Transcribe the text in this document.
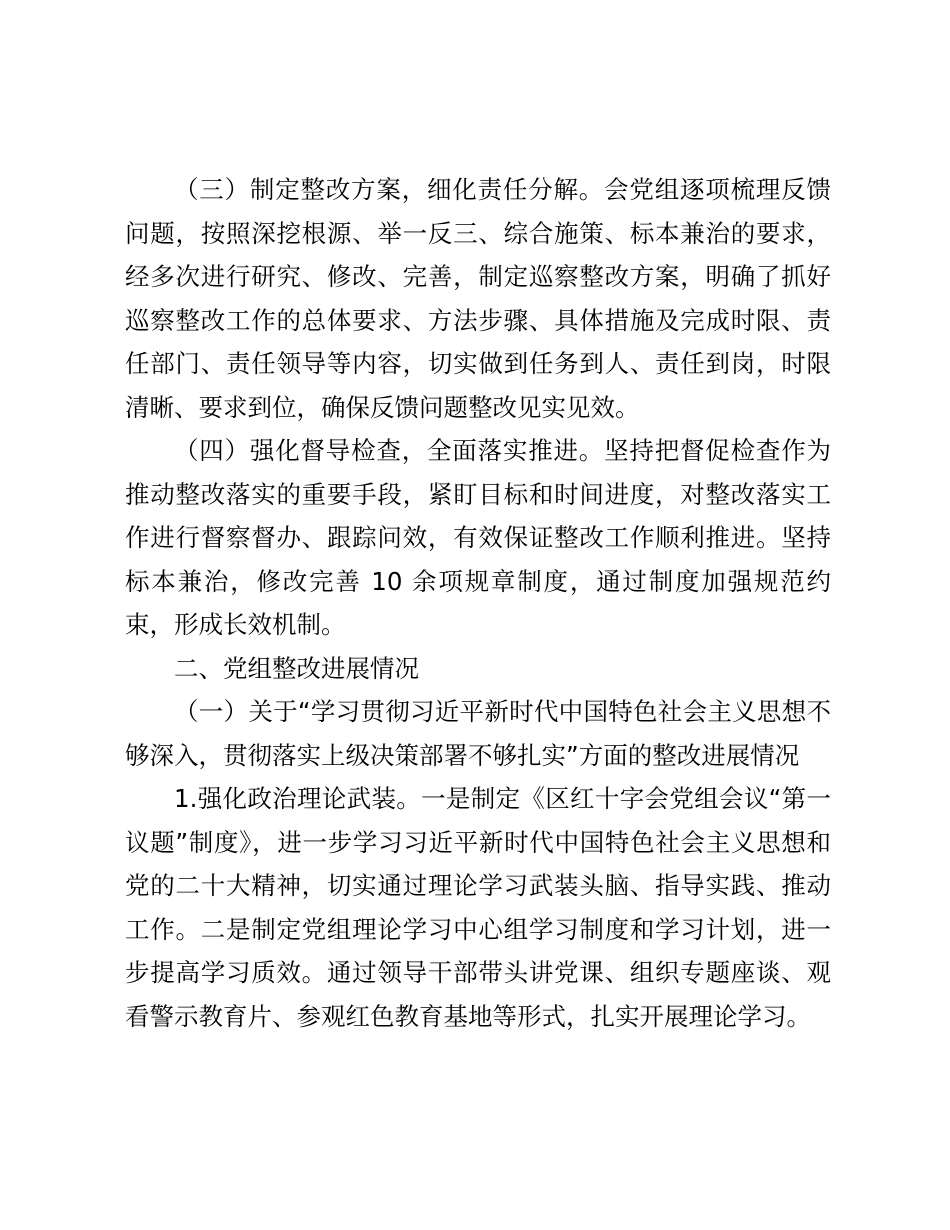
（三）制定整改方案，细化责任分解。会党组逐项梳理反馈问题，按照深挖根源、举一反三、综合施策、标本兼治的要求，经多次进行研究、修改、完善，制定巡察整改方案，明确了抓好巡察整改工作的总体要求、方法步骤、具体措施及完成时限、责任部门、责任领导等内容，切实做到任务到人、责任到岗，时限清晰、要求到位，确保反馈问题整改见实见效。

（四）强化督导检查，全面落实推进。坚持把督促检查作为推动整改落实的重要手段，紧盯目标和时间进度，对整改落实工作进行督察督办、跟踪问效，有效保证整改工作顺利推进。坚持标本兼治，修改完善 10 余项规章制度，通过制度加强规范约束，形成长效机制。

二、党组整改进展情况

（一）关于“学习贯彻习近平新时代中国特色社会主义思想不够深入，贯彻落实上级决策部署不够扎实”方面的整改进展情况

1.强化政治理论武装。一是制定《区红十字会党组会议“第一议题”制度》，进一步学习习近平新时代中国特色社会主义思想和党的二十大精神，切实通过理论学习武装头脑、指导实践、推动工作。二是制定党组理论学习中心组学习制度和学习计划，进一步提高学习质效。通过领导干部带头讲党课、组织专题座谈、观看警示教育片、参观红色教育基地等形式，扎实开展理论学习。
